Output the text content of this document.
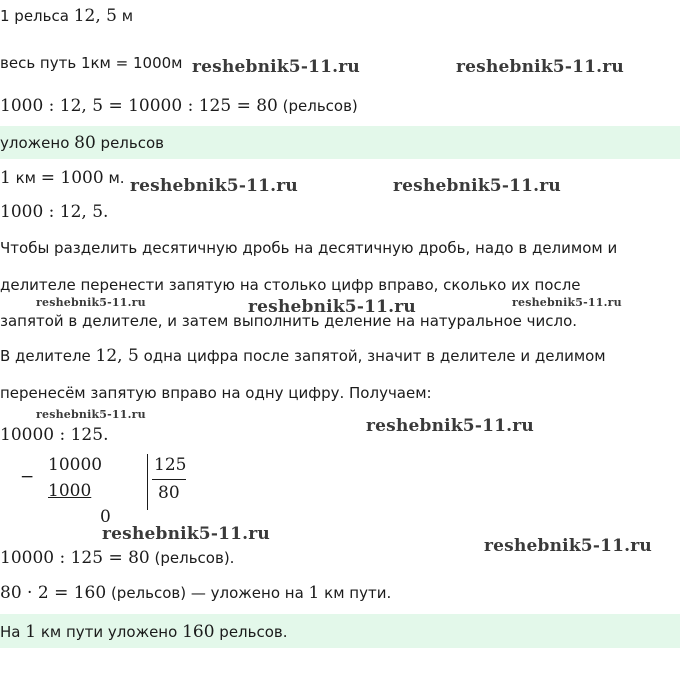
1 рельса 12, 5 м
весь путь 1км = 1000м
1000 : 12, 5 = 10000 : 125 = 80 (рельсов)
уложено 80 рельсов
1 км = 1000 м.
1000 : 12, 5.
Чтобы разделить десятичную дробь на десятичную дробь, надо в делимом и
делителе перенести запятую на столько цифр вправо, сколько их после
запятой в делителе, и затем выполнить деление на натуральное число.
В делителе 12, 5 одна цифра после запятой, значит в делителе и делимом
перенесём запятую вправо на одну цифру. Получаем:
10000 : 125.
−
10000
1000
0
125
80
10000 : 125 = 80 (рельсов).
80 · 2 = 160 (рельсов) — уложено на 1 км пути.
На 1 км пути уложено 160 рельсов.
reshebnik5-11.ru	reshebnik5-11.ru
reshebnik5-11.ru	reshebnik5-11.ru
reshebnik5-11.ru	reshebnik5-11.ru	reshebnik5-11.ru
reshebnik5-11.ru
reshebnik5-11.ru
reshebnik5-11.ru
reshebnik5-11.ru
